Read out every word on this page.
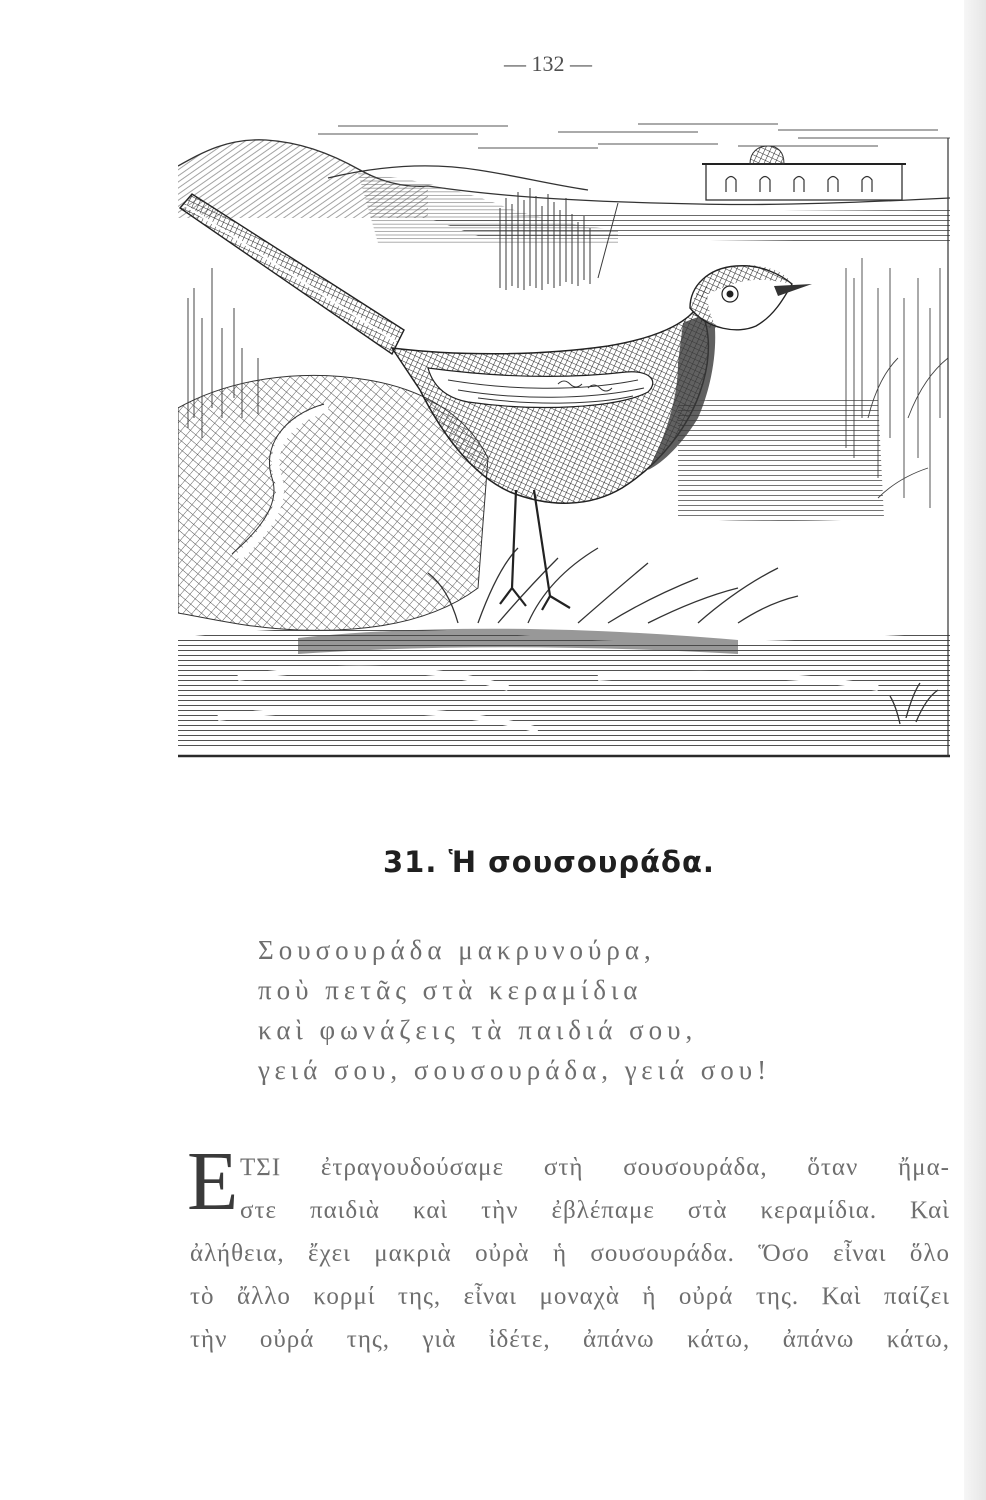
— 132 —
31. Ἡ σουσουράδα.
Σουσουράδα μακρυνούρα,
ποὺ πετᾶς στὰ κεραμίδια
καὶ φωνάζεις τὰ παιδιά σου,
γειά σου, σουσουράδα, γειά σου!
Ε ΤΣΙ ἐτραγουδούσαμε στὴ σουσουράδα, ὅταν ἤμα-
στε παιδιὰ καὶ τὴν ἐβλέπαμε στὰ κεραμίδια. Καὶ
ἀλήθεια, ἔχει μακριὰ οὐρὰ ἡ σουσουράδα. Ὅσο εἶναι ὅλο
τὸ ἄλλο κορμί της, εἶναι μοναχὰ ἡ οὐρά της. Καὶ παίζει
τὴν οὐρά της, γιὰ ἰδέτε, ἀπάνω κάτω, ἀπάνω κάτω,
